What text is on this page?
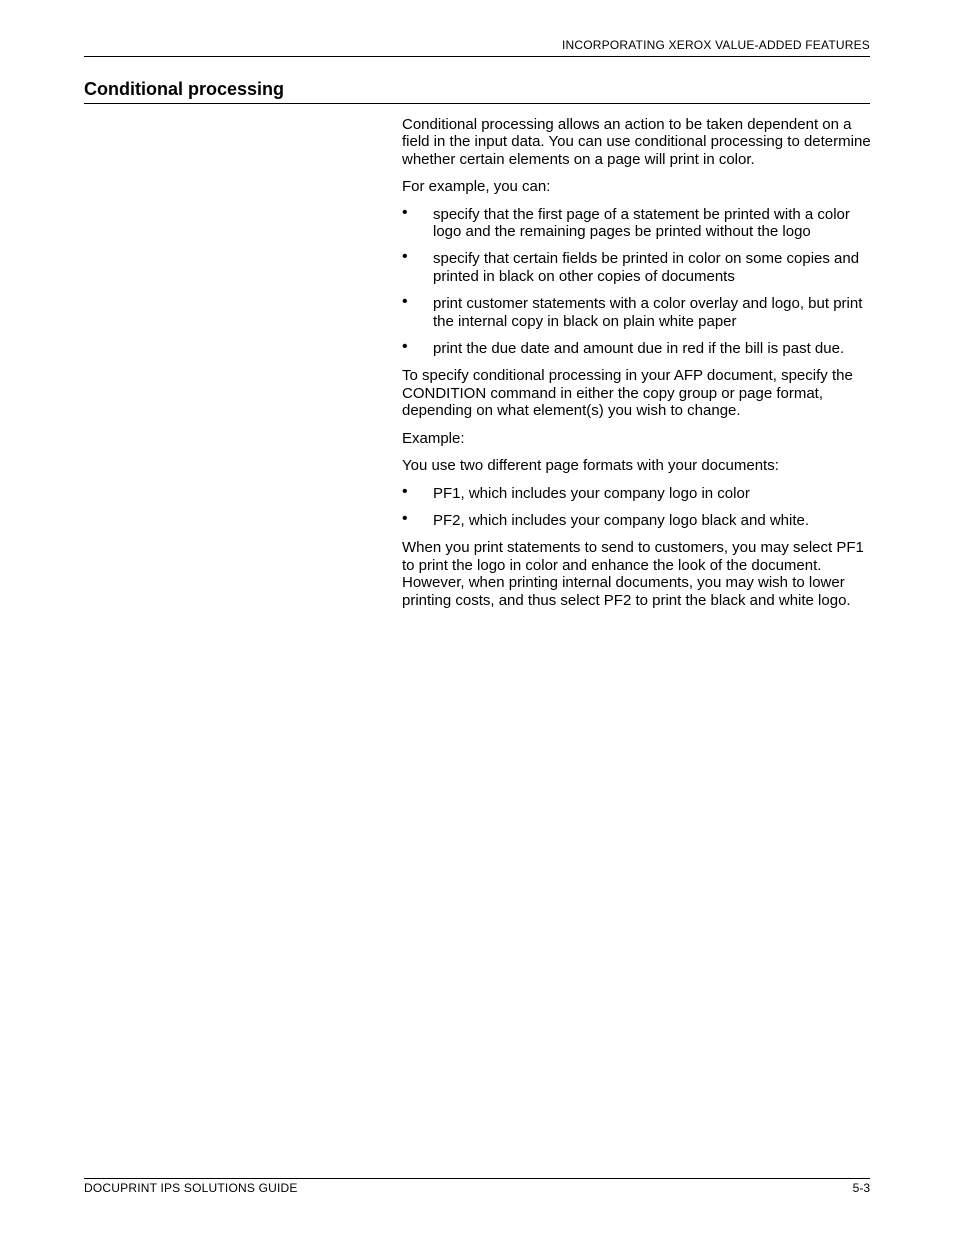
INCORPORATING XEROX VALUE-ADDED FEATURES
Conditional processing

Conditional processing allows an action to be taken dependent on a field in the input data. You can use conditional processing to determine whether certain elements on a page will print in color.

For example, you can:

• specify that the first page of a statement be printed with a color logo and the remaining pages be printed without the logo
• specify that certain fields be printed in color on some copies and printed in black on other copies of documents
• print customer statements with a color overlay and logo, but print the internal copy in black on plain white paper
• print the due date and amount due in red if the bill is past due.

To specify conditional processing in your AFP document, specify the CONDITION command in either the copy group or page format, depending on what element(s) you wish to change.

Example:

You use two different page formats with your documents:

• PF1, which includes your company logo in color
• PF2, which includes your company logo black and white.

When you print statements to send to customers, you may select PF1 to print the logo in color and enhance the look of the document. However, when printing internal documents, you may wish to lower printing costs, and thus select PF2 to print the black and white logo.

DOCUPRINT IPS SOLUTIONS GUIDE	5-3
